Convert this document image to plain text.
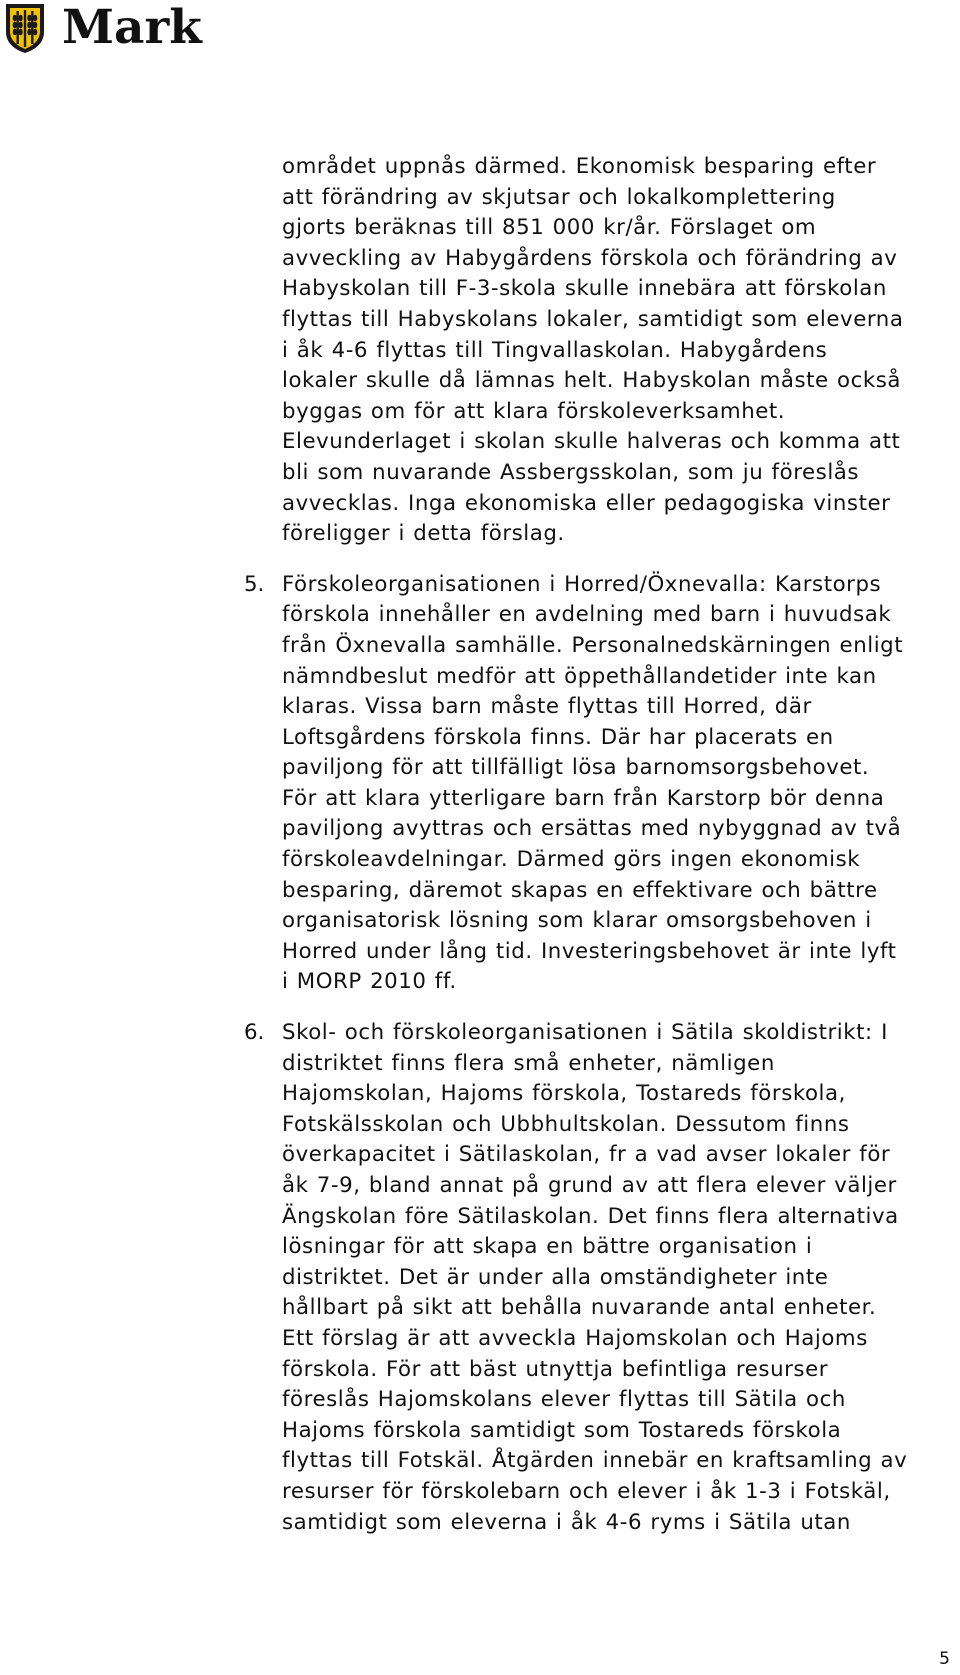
Mark

området uppnås därmed. Ekonomisk besparing efter
att förändring av skjutsar och lokalkomplettering
gjorts beräknas till 851 000 kr/år. Förslaget om
avveckling av Habygårdens förskola och förändring av
Habyskolan till F-3-skola skulle innebära att förskolan
flyttas till Habyskolans lokaler, samtidigt som eleverna
i åk 4-6 flyttas till Tingvallaskolan. Habygårdens
lokaler skulle då lämnas helt. Habyskolan måste också
byggas om för att klara förskoleverksamhet.
Elevunderlaget i skolan skulle halveras och komma att
bli som nuvarande Assbergsskolan, som ju föreslås
avvecklas. Inga ekonomiska eller pedagogiska vinster
föreligger i detta förslag.

5. Förskoleorganisationen i Horred/Öxnevalla: Karstorps
förskola innehåller en avdelning med barn i huvudsak
från Öxnevalla samhälle. Personalnedskärningen enligt
nämndbeslut medför att öppethållandetider inte kan
klaras. Vissa barn måste flyttas till Horred, där
Loftsgårdens förskola finns. Där har placerats en
paviljong för att tillfälligt lösa barnomsorgsbehovet.
För att klara ytterligare barn från Karstorp bör denna
paviljong avyttras och ersättas med nybyggnad av två
förskoleavdelningar. Därmed görs ingen ekonomisk
besparing, däremot skapas en effektivare och bättre
organisatorisk lösning som klarar omsorgsbehoven i
Horred under lång tid. Investeringsbehovet är inte lyft
i MORP 2010 ff.

6. Skol- och förskoleorganisationen i Sätila skoldistrikt: I
distriktet finns flera små enheter, nämligen
Hajomskolan, Hajoms förskola, Tostareds förskola,
Fotskälsskolan och Ubbhultskolan. Dessutom finns
överkapacitet i Sätilaskolan, fr a vad avser lokaler för
åk 7-9, bland annat på grund av att flera elever väljer
Ängskolan före Sätilaskolan. Det finns flera alternativa
lösningar för att skapa en bättre organisation i
distriktet. Det är under alla omständigheter inte
hållbart på sikt att behålla nuvarande antal enheter.
Ett förslag är att avveckla Hajomskolan och Hajoms
förskola. För att bäst utnyttja befintliga resurser
föreslås Hajomskolans elever flyttas till Sätila och
Hajoms förskola samtidigt som Tostareds förskola
flyttas till Fotskäl. Åtgärden innebär en kraftsamling av
resurser för förskolebarn och elever i åk 1-3 i Fotskäl,
samtidigt som eleverna i åk 4-6 ryms i Sätila utan

5
